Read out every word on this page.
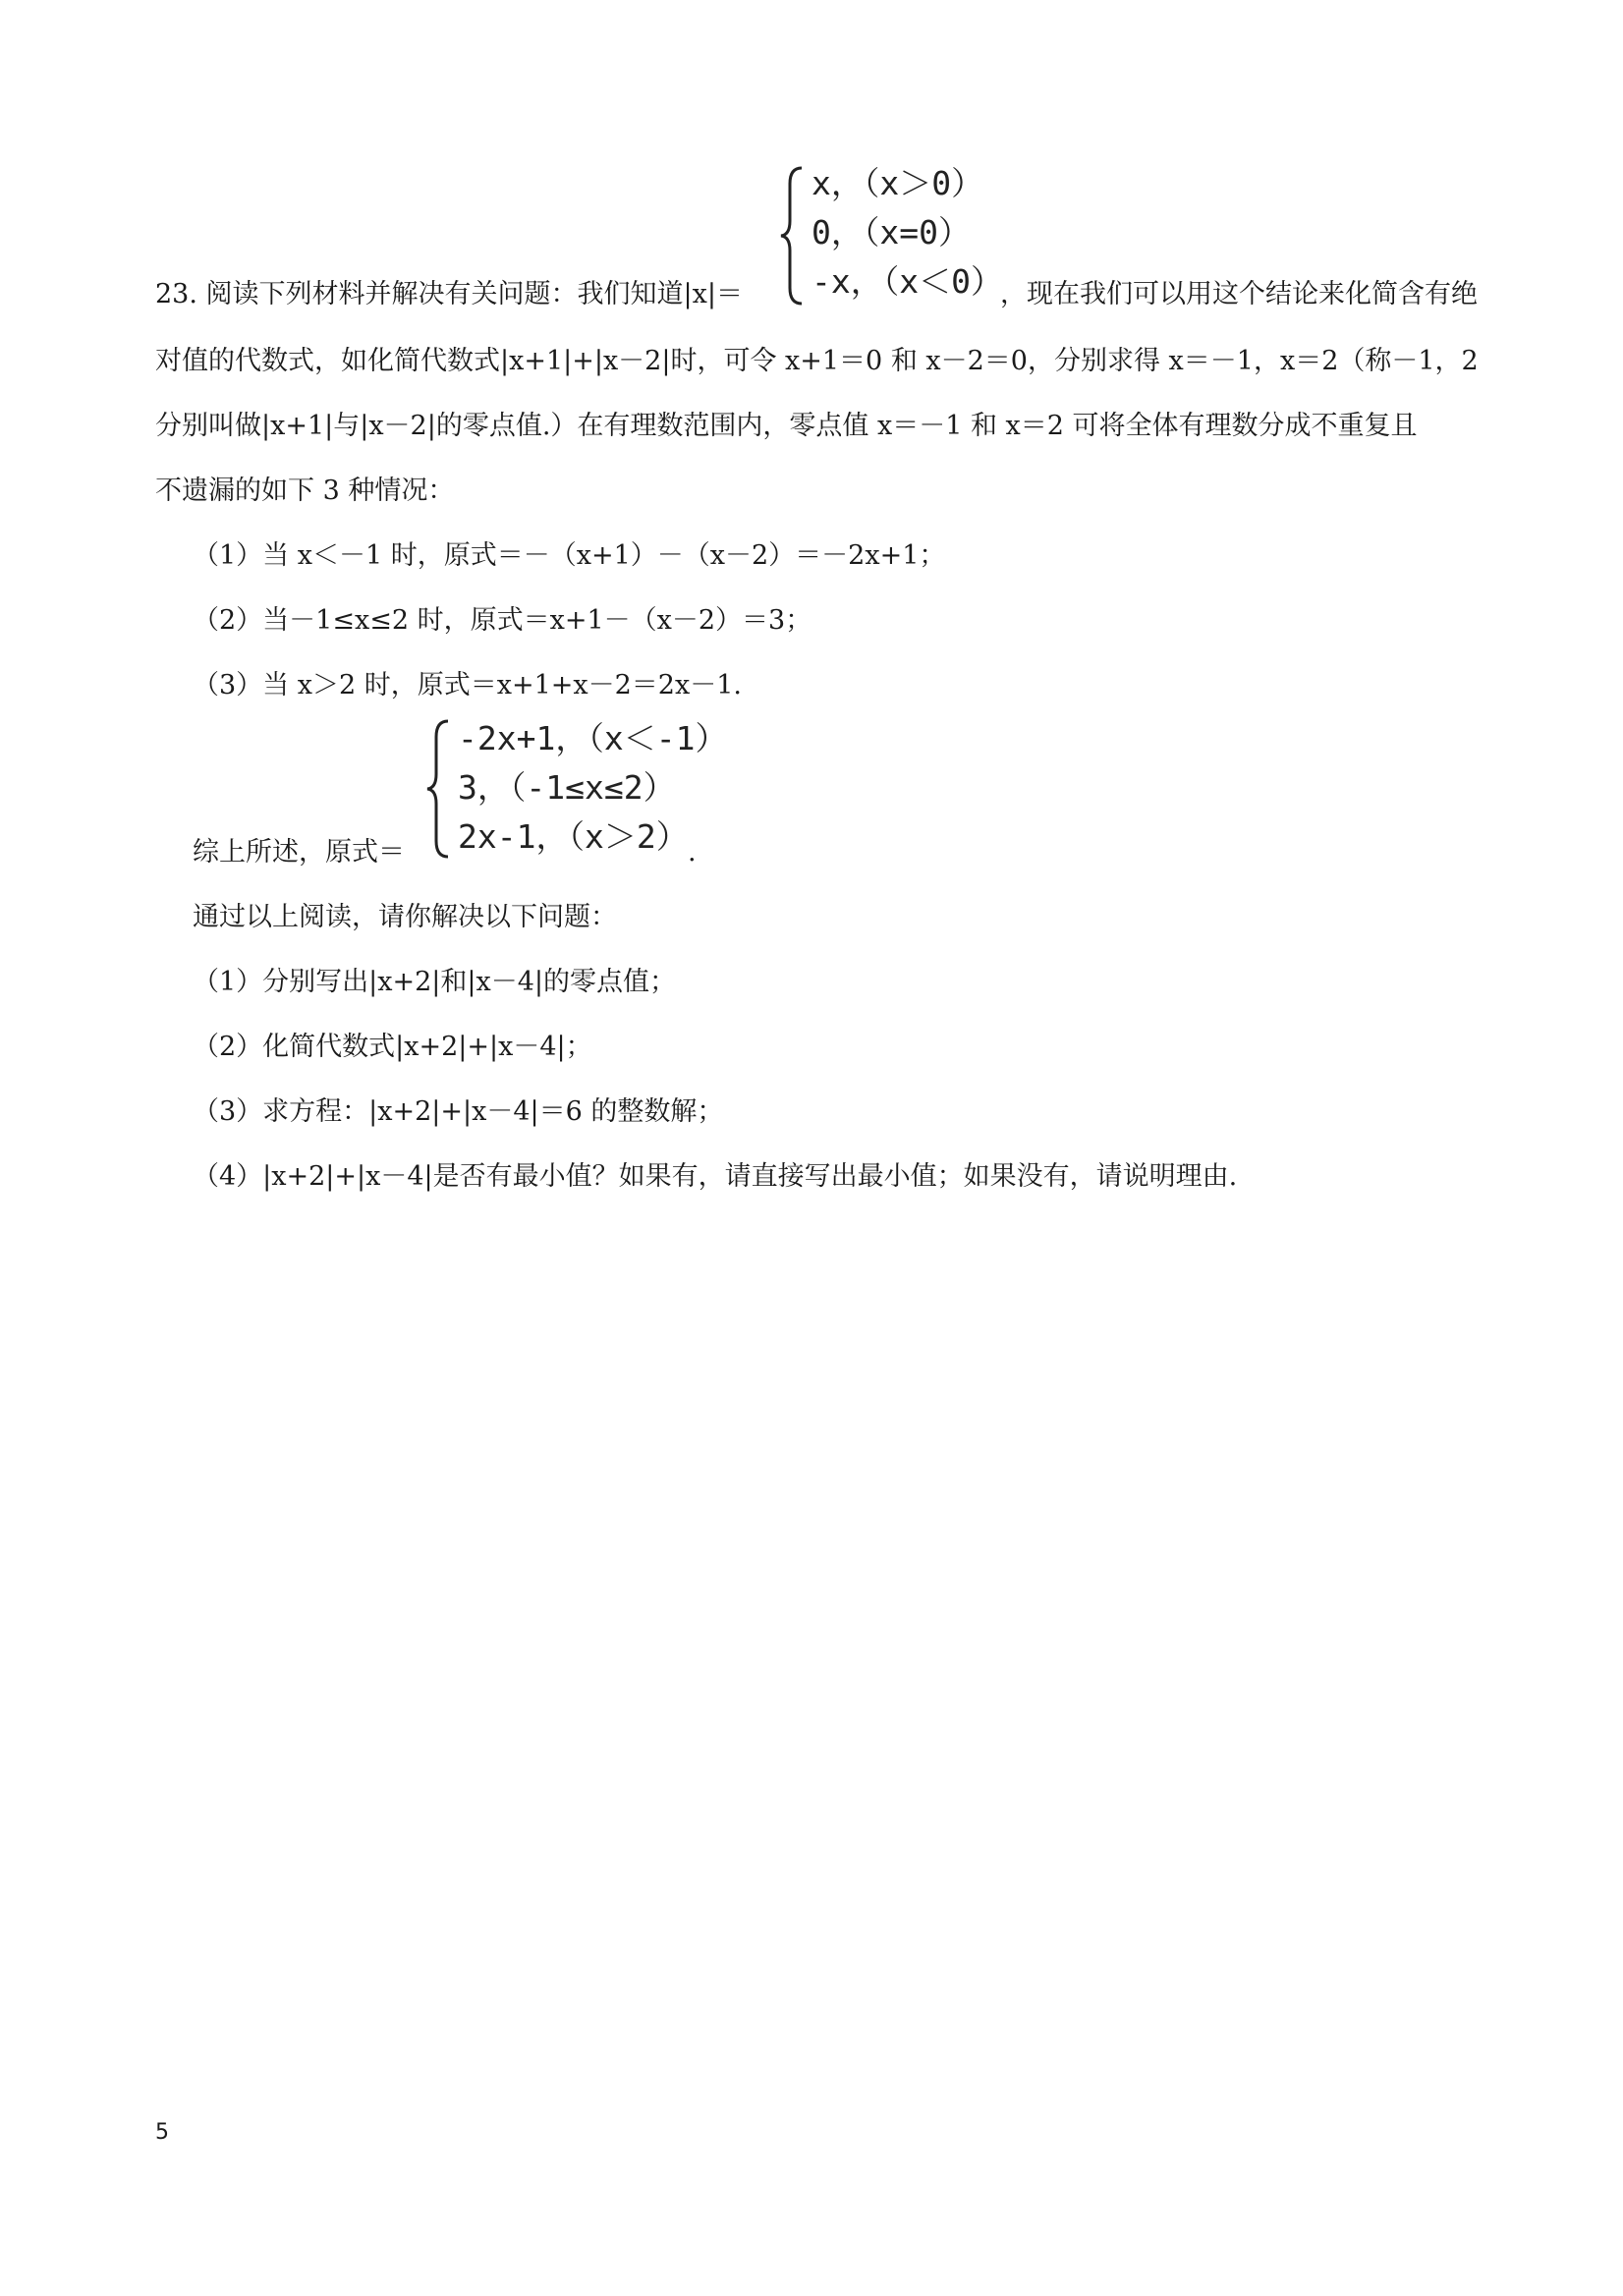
x，（x＞0）
0，（x=0）
-x，（x＜0）
23. 阅读下列材料并解决有关问题：我们知道|x|＝	，现在我们可以用这个结论来化简含有绝
对值的代数式，如化简代数式|x+1|+|x－2|时，可令 x+1＝0 和 x－2＝0，分别求得 x＝－1，x＝2（称－1，2
分别叫做|x+1|与|x－2|的零点值.）在有理数范围内，零点值 x＝－1 和 x＝2 可将全体有理数分成不重复且
不遗漏的如下 3 种情况：
（1）当 x＜－1 时，原式＝－（x+1）－（x－2）＝－2x+1；
（2）当－1≤x≤2 时，原式＝x+1－（x－2）＝3；
（3）当 x＞2 时，原式＝x+1+x－2＝2x－1.
综上所述，原式＝
-2x+1，（x＜-1）
3，（-1≤x≤2）
2x-1，（x＞2） .
通过以上阅读，请你解决以下问题：
（1）分别写出|x+2|和|x－4|的零点值；
（2）化简代数式|x+2|+|x－4|；
（3）求方程：|x+2|+|x－4|＝6 的整数解；
（4）|x+2|+|x－4|是否有最小值？如果有，请直接写出最小值；如果没有，请说明理由.
5
